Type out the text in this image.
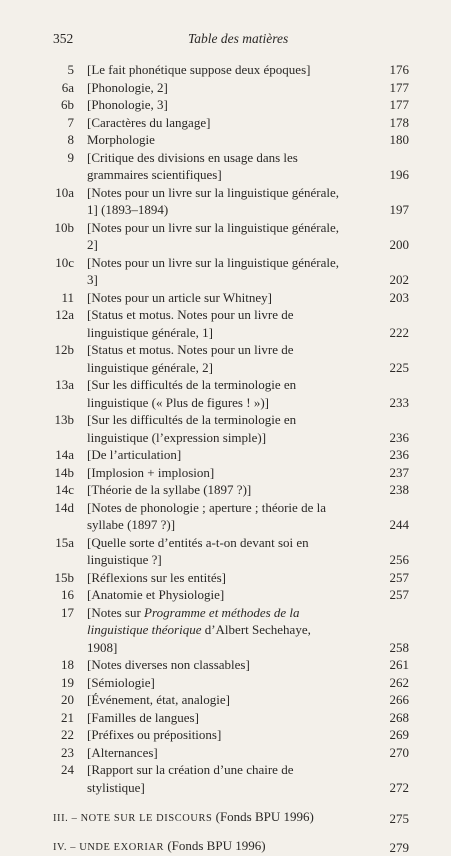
352	Table des matières
5 [Le fait phonétique suppose deux époques]	176
6a [Phonologie, 2]	177
6b [Phonologie, 3]	177
7 [Caractères du langage]	178
8 Morphologie	180
9 [Critique des divisions en usage dans les grammaires scientifiques]	196
10a [Notes pour un livre sur la linguistique générale, 1] (1893–1894)	197
10b [Notes pour un livre sur la linguistique générale, 2]	200
10c [Notes pour un livre sur la linguistique générale, 3]	202
11 [Notes pour un article sur Whitney]	203
12a [Status et motus. Notes pour un livre de linguistique générale, 1]	222
12b [Status et motus. Notes pour un livre de linguistique générale, 2]	225
13a [Sur les difficultés de la terminologie en linguistique (« Plus de figures ! »)]	233
13b [Sur les difficultés de la terminologie en linguistique (l’expression simple)]	236
14a [De l’articulation]	236
14b [Implosion + implosion]	237
14c [Théorie de la syllabe (1897 ?)]	238
14d [Notes de phonologie ; aperture ; théorie de la syllabe (1897 ?)]	244
15a [Quelle sorte d’entités a-t-on devant soi en linguistique ?]	256
15b [Réflexions sur les entités]	257
16 [Anatomie et Physiologie]	257
17 [Notes sur Programme et méthodes de la linguistique théorique d’Albert Sechehaye, 1908]	258
18 [Notes diverses non classables]	261
19 [Sémiologie]	262
20 [Événement, état, analogie]	266
21 [Familles de langues]	268
22 [Préfixes ou prépositions]	269
23 [Alternances]	270
24 [Rapport sur la création d’une chaire de stylistique]	272
III. – NOTE SUR LE DISCOURS (Fonds BPU 1996)	275
IV. – UNDE EXORIAR (Fonds BPU 1996)	279
